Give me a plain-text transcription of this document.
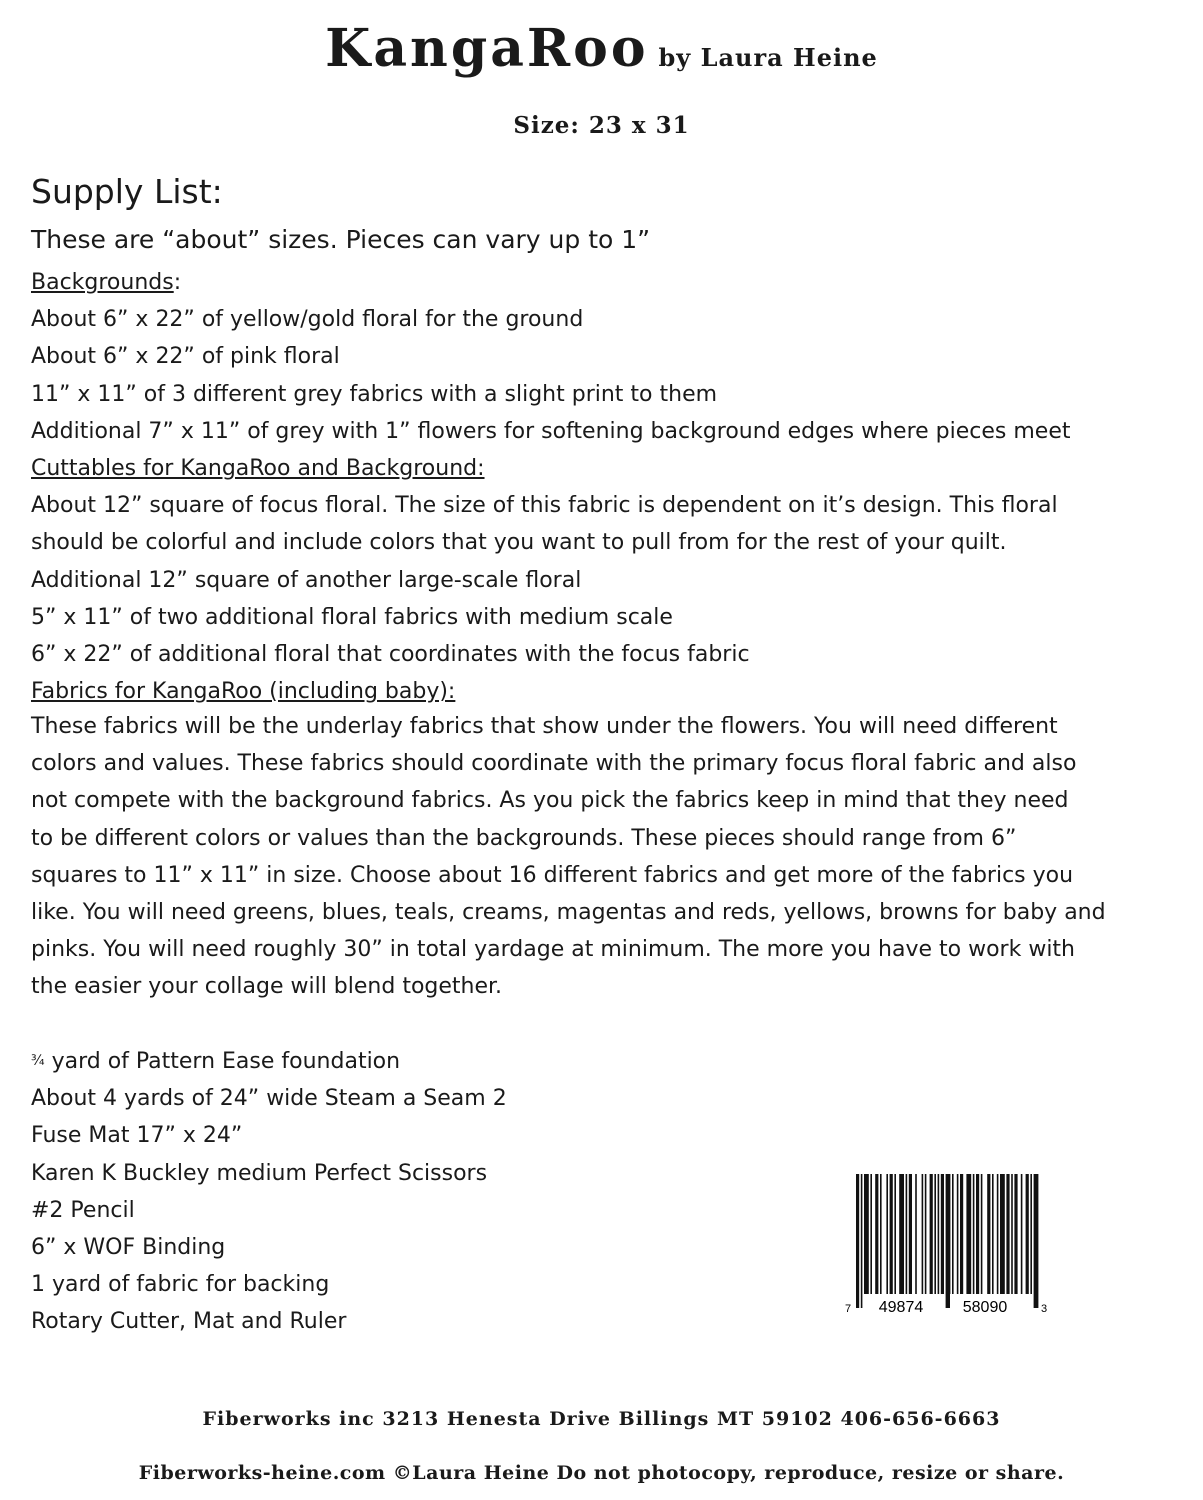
KangaRoo by Laura Heine
Size: 23 x 31
Supply List:
These are “about” sizes. Pieces can vary up to 1”
Backgrounds:
About 6” x 22” of yellow/gold floral for the ground
About 6” x 22” of pink floral
11” x 11” of 3 different grey fabrics with a slight print to them
Additional 7” x 11” of grey with 1” flowers for softening background edges where pieces meet
Cuttables for KangaRoo and Background:
About 12” square of focus floral. The size of this fabric is dependent on it’s design. This floral
should be colorful and include colors that you want to pull from for the rest of your quilt.
Additional 12” square of another large-scale floral
5” x 11” of two additional floral fabrics with medium scale
6” x 22” of additional floral that coordinates with the focus fabric
Fabrics for KangaRoo (including baby):
These fabrics will be the underlay fabrics that show under the flowers. You will need different
colors and values. These fabrics should coordinate with the primary focus floral fabric and also
not compete with the background fabrics. As you pick the fabrics keep in mind that they need
to be different colors or values than the backgrounds. These pieces should range from 6”
squares to 11” x 11” in size. Choose about 16 different fabrics and get more of the fabrics you
like. You will need greens, blues, teals, creams, magentas and reds, yellows, browns for baby and
pinks. You will need roughly 30” in total yardage at minimum. The more you have to work with
the easier your collage will blend together.
¾ yard of Pattern Ease foundation
About 4 yards of 24” wide Steam a Seam 2
Fuse Mat 17” x 24”
Karen K Buckley medium Perfect Scissors
#2 Pencil
6” x WOF Binding
1 yard of fabric for backing
Rotary Cutter, Mat and Ruler
7 49874 58090	3
Fiberworks inc 3213 Henesta Drive Billings MT 59102 406-656-6663
Fiberworks-heine.com ©Laura Heine Do not photocopy, reproduce, resize or share.
